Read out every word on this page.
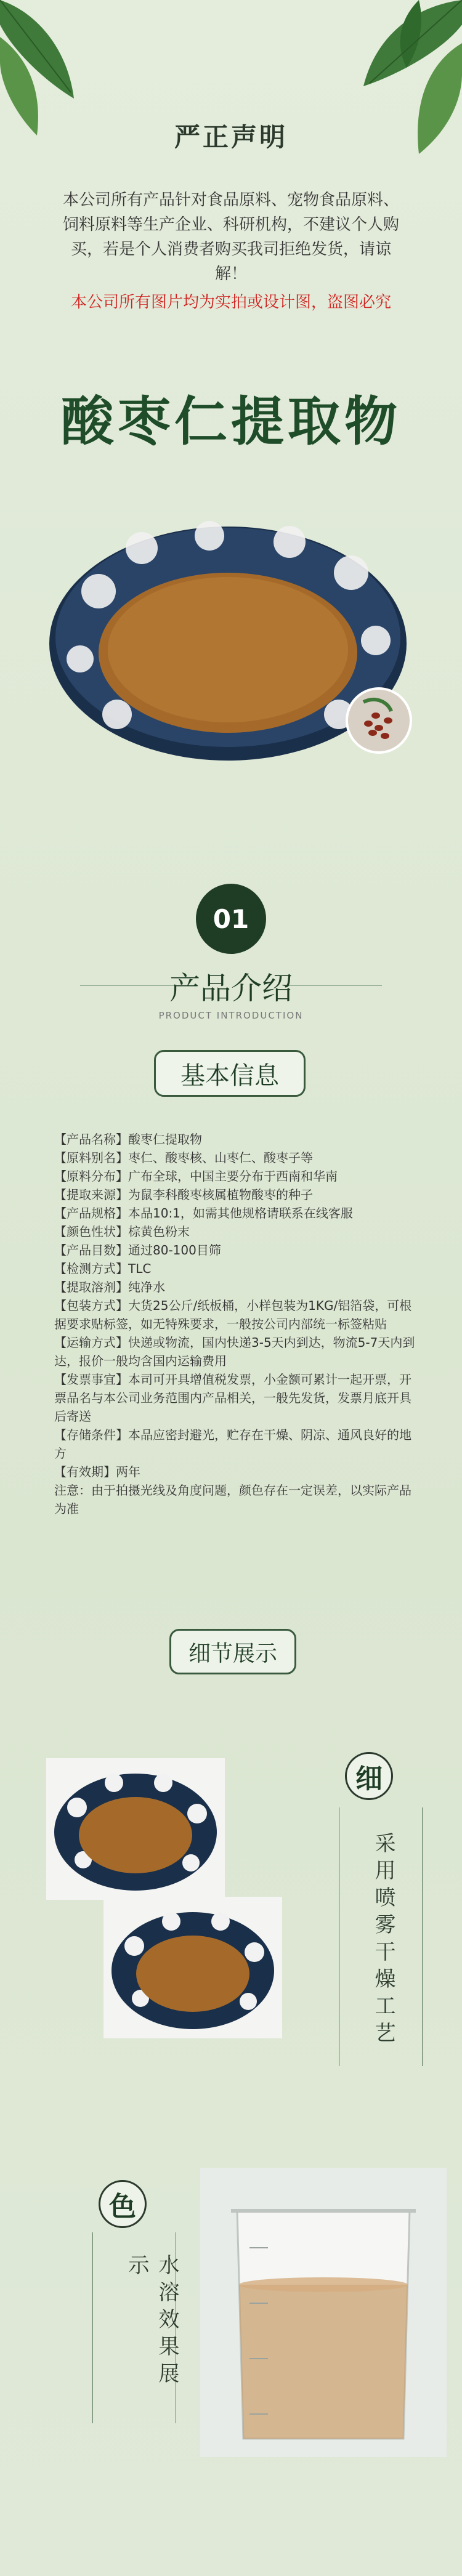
严正声明
本公司所有产品针对食品原料、宠物食品原料、饲料原料等生产企业、科研机构，不建议个人购买，若是个人消费者购买我司拒绝发货，请谅解！
本公司所有图片均为实拍或设计图，盗图必究
酸枣仁提取物
01
产品介绍
PRODUCT INTRODUCTION
基本信息
【产品名称】酸枣仁提取物
【原料别名】枣仁、酸枣核、山枣仁、酸枣子等
【原料分布】广布全球，中国主要分布于西南和华南
【提取来源】为鼠李科酸枣核属植物酸枣的种子
【产品规格】本品10:1，如需其他规格请联系在线客服
【颜色性状】棕黄色粉末
【产品目数】通过80-100目筛
【检测方式】TLC
【提取溶剂】纯净水
【包装方式】大货25公斤/纸板桶，小样包装为1KG/铝箔袋，可根据要求贴标签，如无特殊要求，一般按公司内部统一标签粘贴
【运输方式】快递或物流，国内快递3-5天内到达，物流5-7天内到达，报价一般均含国内运输费用
【发票事宜】本司可开具增值税发票，小金额可累计一起开票，开票品名与本公司业务范围内产品相关，一般先发货，发票月底开具后寄送
【存储条件】本品应密封避光，贮存在干燥、阴凉、通风良好的地方
【有效期】两年
注意：由于拍摄光线及角度问题，颜色存在一定误差，以实际产品为准
细节展示
细
采用喷雾干燥工艺
色
水溶效果展示
